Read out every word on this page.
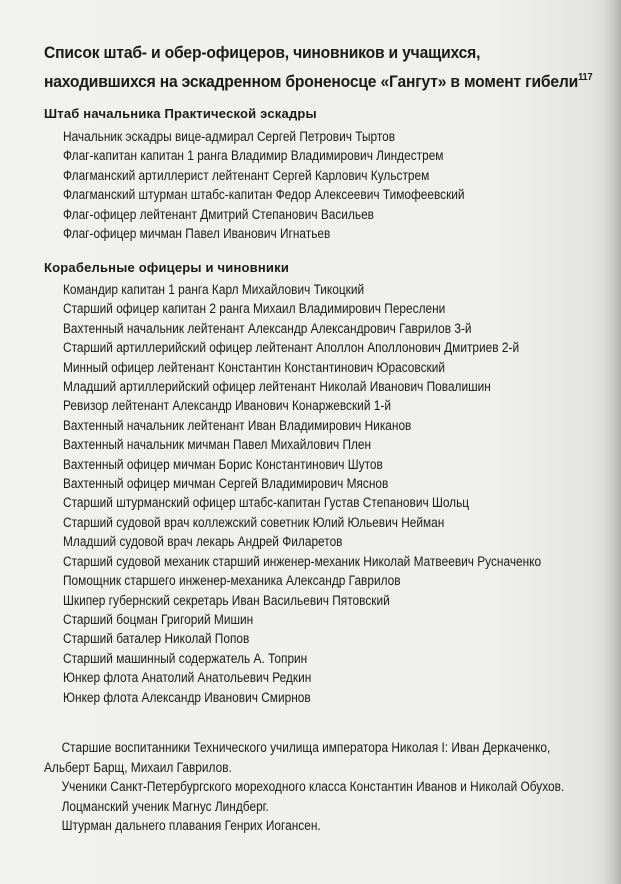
Список штаб- и обер-офицеров, чиновников и учащихся,
находившихся на эскадренном броненосце «Гангут» в момент гибели$^{117}$
Штаб начальника Практической эскадры
Начальник эскадры вице-адмирал Сергей Петрович Тыртов
Флаг-капитан капитан 1 ранга Владимир Владимирович Линдестрем
Флагманский артиллерист лейтенант Сергей Карлович Кульстрем
Флагманский штурман штабс-капитан Федор Алексеевич Тимофеевский
Флаг-офицер лейтенант Дмитрий Степанович Васильев
Флаг-офицер мичман Павел Иванович Игнатьев
Корабельные офицеры и чиновники
Командир капитан 1 ранга Карл Михайлович Тикоцкий
Старший офицер капитан 2 ранга Михаил Владимирович Переслени
Вахтенный начальник лейтенант Александр Александрович Гаврилов 3-й
Старший артиллерийский офицер лейтенант Аполлон Аполлонович Дмитриев 2-й
Минный офицер лейтенант Константин Константинович Юрасовский
Младший артиллерийский офицер лейтенант Николай Иванович Повалишин
Ревизор лейтенант Александр Иванович Конаржевский 1-й
Вахтенный начальник лейтенант Иван Владимирович Никанов
Вахтенный начальник мичман Павел Михайлович Плен
Вахтенный офицер мичман Борис Константинович Шутов
Вахтенный офицер мичман Сергей Владимирович Мяснов
Старший штурманский офицер штабс-капитан Густав Степанович Шольц
Старший судовой врач коллежский советник Юлий Юльевич Нейман
Младший судовой врач лекарь Андрей Филаретов
Старший судовой механик старший инженер-механик Николай Матвеевич Русначенко
Помощник старшего инженер-механика Александр Гаврилов
Шкипер губернский секретарь Иван Васильевич Пятовский
Старший боцман Григорий Мишин
Старший баталер Николай Попов
Старший машинный содержатель А. Топрин
Юнкер флота Анатолий Анатольевич Редкин
Юнкер флота Александр Иванович Смирнов

Старшие воспитанники Технического училища императора Николая I: Иван Деркаченко,

Альберт Барщ, Михаил Гаврилов.

Ученики Санкт-Петербургского мореходного класса Константин Иванов и Николай Обухов.

Лоцманский ученик Магнус Линдберг.

Штурман дальнего плавания Генрих Иогансен.
